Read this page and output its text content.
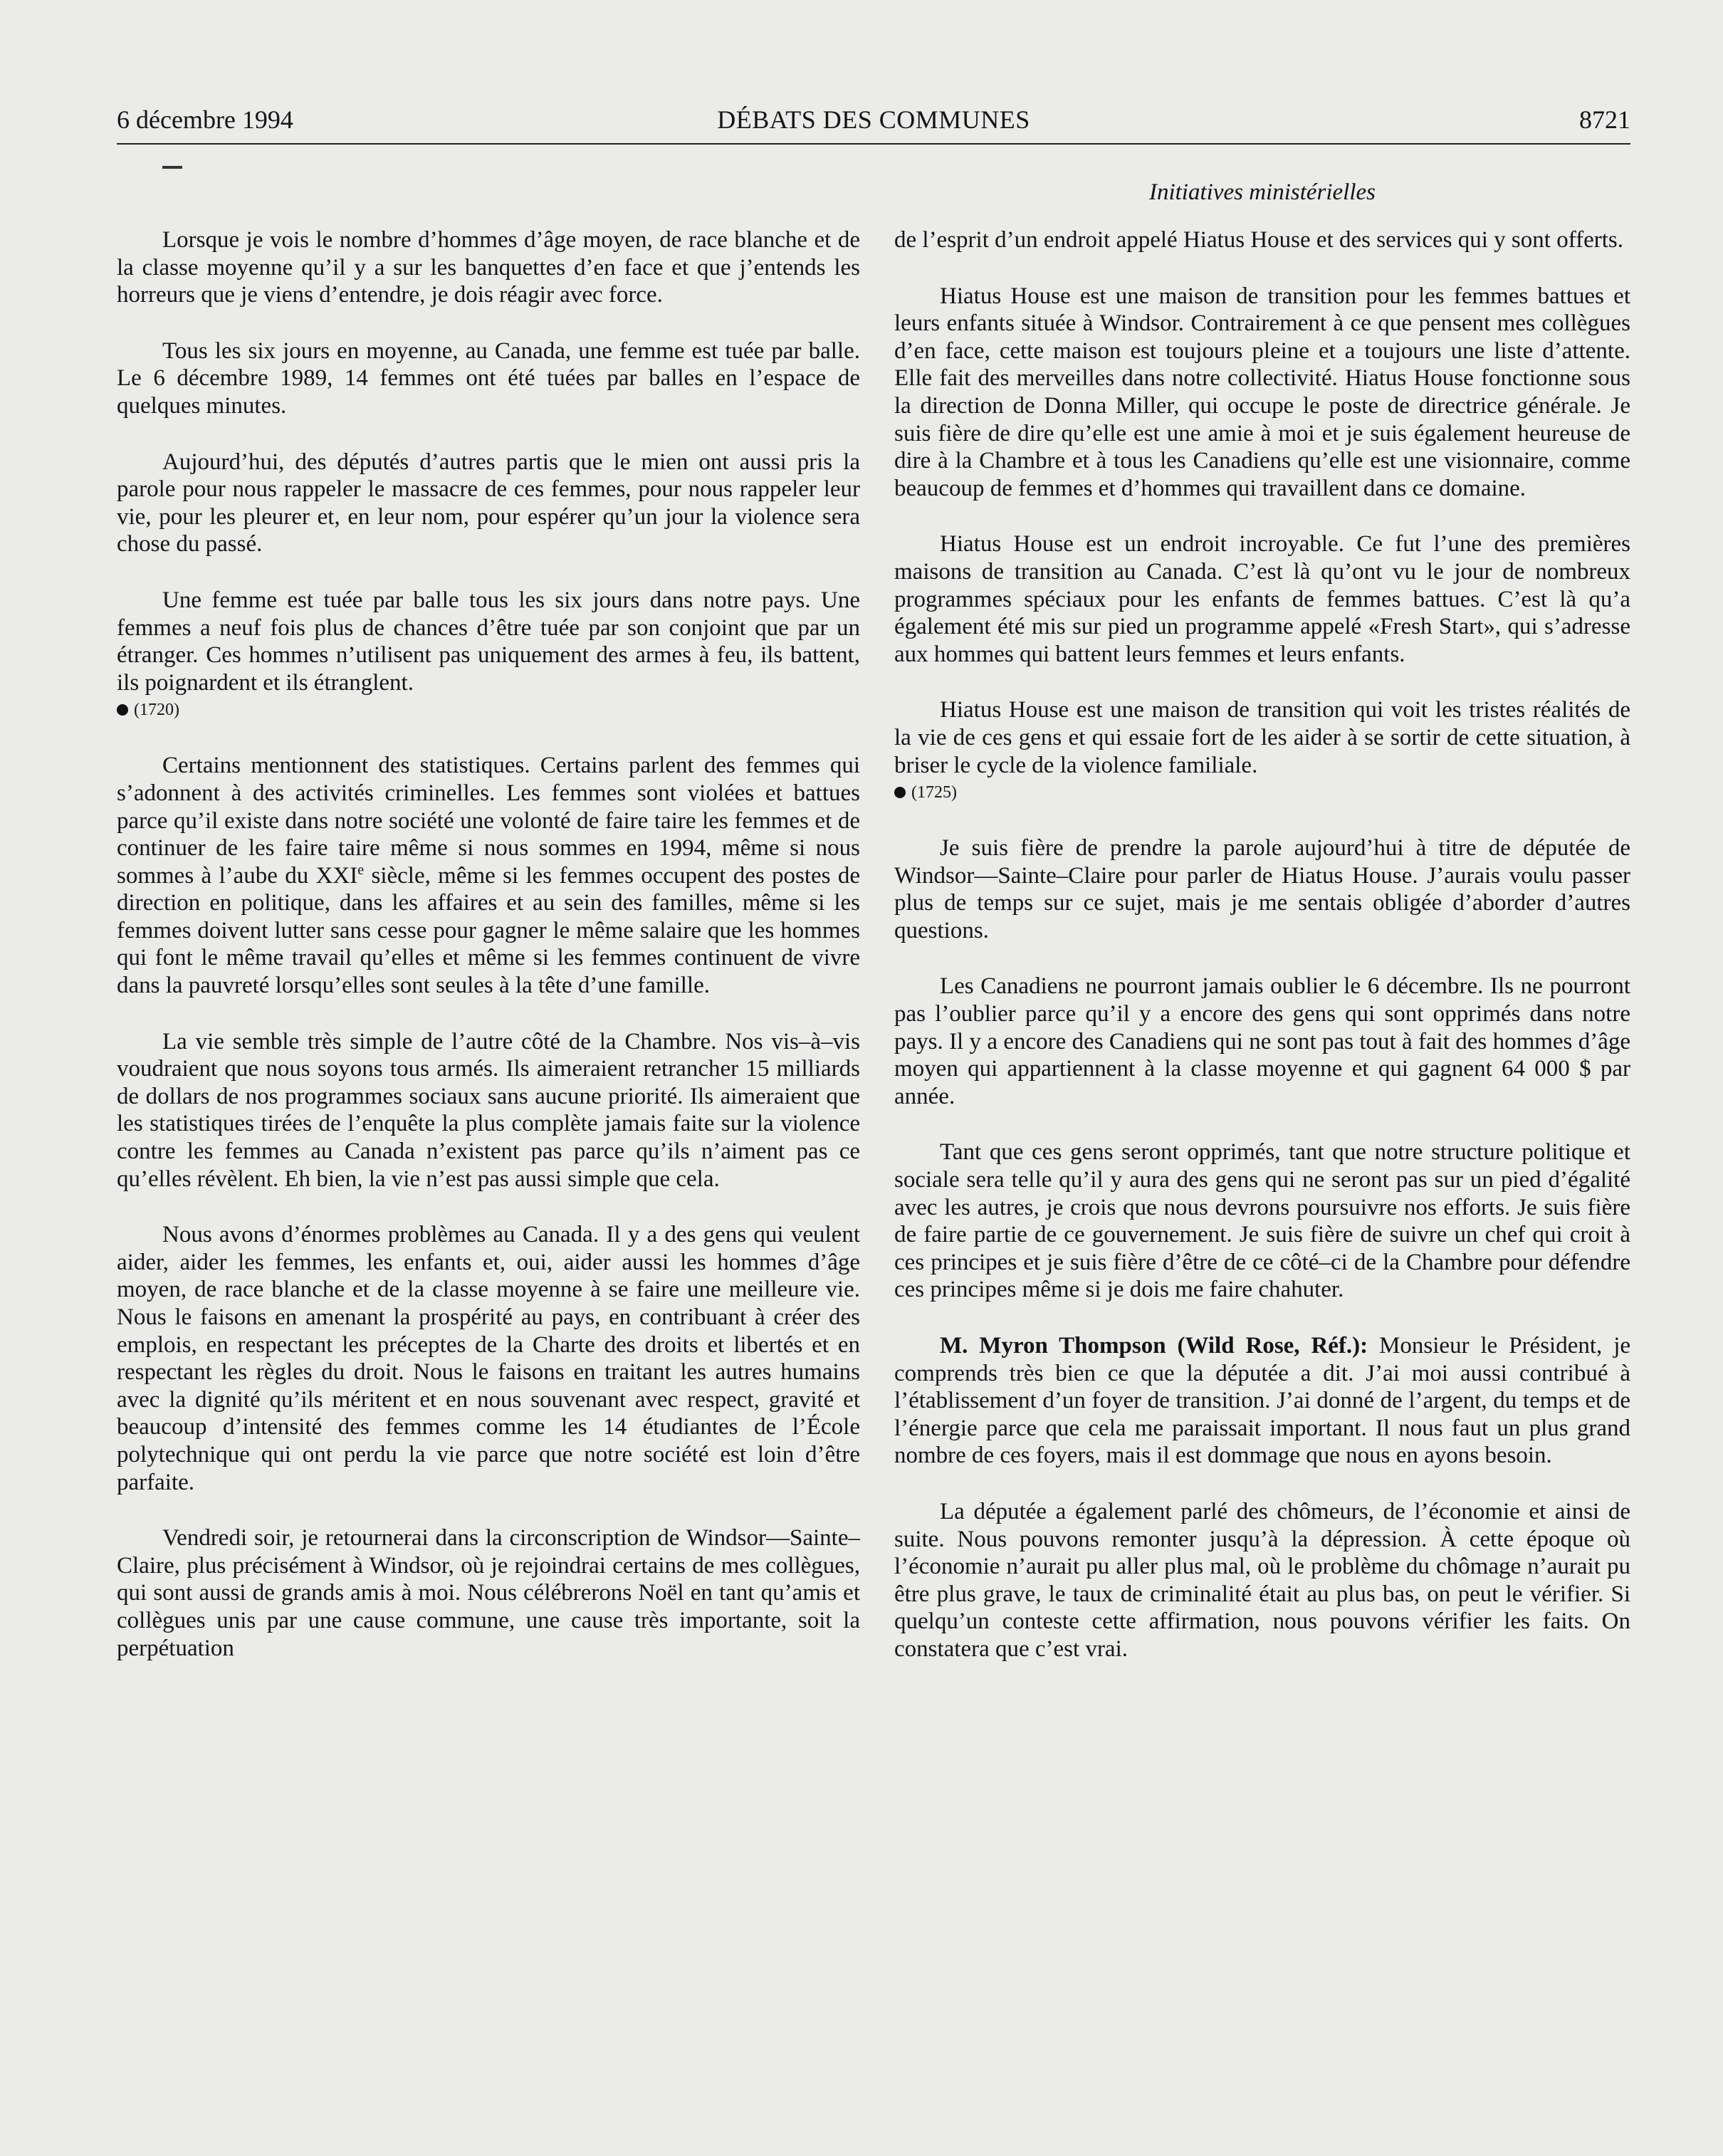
DÉBATS DES COMMUNES
6 décembre 1994	8721
Initiatives ministérielles

Lorsque je vois le nombre d’hommes d’âge moyen, de race blanche et de la classe moyenne qu’il y a sur les banquettes d’en face et que j’entends les horreurs que je viens d’entendre, je dois réagir avec force.

Tous les six jours en moyenne, au Canada, une femme est tuée par balle. Le 6 décembre 1989, 14 femmes ont été tuées par balles en l’espace de quelques minutes.

Aujourd’hui, des députés d’autres partis que le mien ont aussi pris la parole pour nous rappeler le massacre de ces femmes, pour nous rappeler leur vie, pour les pleurer et, en leur nom, pour espérer qu’un jour la violence sera chose du passé.

Une femme est tuée par balle tous les six jours dans notre pays. Une femmes a neuf fois plus de chances d’être tuée par son conjoint que par un étranger. Ces hommes n’utilisent pas uniquement des armes à feu, ils battent, ils poignardent et ils étranglent.

(1720)

Certains mentionnent des statistiques. Certains parlent des femmes qui s’adonnent à des activités criminelles. Les femmes sont violées et battues parce qu’il existe dans notre société une volonté de faire taire les femmes et de continuer de les faire taire même si nous sommes en 1994, même si nous sommes à l’aube du XXIe siècle, même si les femmes occupent des postes de direction en politique, dans les affaires et au sein des familles, même si les femmes doivent lutter sans cesse pour gagner le même salaire que les hommes qui font le même travail qu’elles et même si les femmes continuent de vivre dans la pauvreté lorsqu’elles sont seules à la tête d’une famille.

La vie semble très simple de l’autre côté de la Chambre. Nos vis–à–vis voudraient que nous soyons tous armés. Ils aimeraient retrancher 15 milliards de dollars de nos programmes sociaux sans aucune priorité. Ils aimeraient que les statistiques tirées de l’enquête la plus complète jamais faite sur la violence contre les femmes au Canada n’existent pas parce qu’ils n’aiment pas ce qu’elles révèlent. Eh bien, la vie n’est pas aussi simple que cela.

Nous avons d’énormes problèmes au Canada. Il y a des gens qui veulent aider, aider les femmes, les enfants et, oui, aider aussi les hommes d’âge moyen, de race blanche et de la classe moyenne à se faire une meilleure vie. Nous le faisons en amenant la prospérité au pays, en contribuant à créer des emplois, en respectant les préceptes de la Charte des droits et libertés et en respectant les règles du droit. Nous le faisons en traitant les autres humains avec la dignité qu’ils méritent et en nous souvenant avec respect, gravité et beaucoup d’intensité des femmes comme les 14 étudiantes de l’École polytechnique qui ont perdu la vie parce que notre société est loin d’être parfaite.

Vendredi soir, je retournerai dans la circonscription de Windsor—Sainte–Claire, plus précisément à Windsor, où je rejoindrai certains de mes collègues, qui sont aussi de grands amis à moi. Nous célébrerons Noël en tant qu’amis et collègues unis par une cause commune, une cause très importante, soit la perpétuation

de l’esprit d’un endroit appelé Hiatus House et des services qui y sont offerts.

Hiatus House est une maison de transition pour les femmes battues et leurs enfants située à Windsor. Contrairement à ce que pensent mes collègues d’en face, cette maison est toujours pleine et a toujours une liste d’attente. Elle fait des merveilles dans notre collectivité. Hiatus House fonctionne sous la direction de Donna Miller, qui occupe le poste de directrice générale. Je suis fière de dire qu’elle est une amie à moi et je suis également heureuse de dire à la Chambre et à tous les Canadiens qu’elle est une visionnaire, comme beaucoup de femmes et d’hommes qui travaillent dans ce domaine.

Hiatus House est un endroit incroyable. Ce fut l’une des premières maisons de transition au Canada. C’est là qu’ont vu le jour de nombreux programmes spéciaux pour les enfants de femmes battues. C’est là qu’a également été mis sur pied un programme appelé «Fresh Start», qui s’adresse aux hommes qui battent leurs femmes et leurs enfants.

Hiatus House est une maison de transition qui voit les tristes réalités de la vie de ces gens et qui essaie fort de les aider à se sortir de cette situation, à briser le cycle de la violence familiale.

(1725)

Je suis fière de prendre la parole aujourd’hui à titre de députée de Windsor—Sainte–Claire pour parler de Hiatus House. J’aurais voulu passer plus de temps sur ce sujet, mais je me sentais obligée d’aborder d’autres questions.

Les Canadiens ne pourront jamais oublier le 6 décembre. Ils ne pourront pas l’oublier parce qu’il y a encore des gens qui sont opprimés dans notre pays. Il y a encore des Canadiens qui ne sont pas tout à fait des hommes d’âge moyen qui appartiennent à la classe moyenne et qui gagnent 64 000 $ par année.

Tant que ces gens seront opprimés, tant que notre structure politique et sociale sera telle qu’il y aura des gens qui ne seront pas sur un pied d’égalité avec les autres, je crois que nous devrons poursuivre nos efforts. Je suis fière de faire partie de ce gouvernement. Je suis fière de suivre un chef qui croit à ces principes et je suis fière d’être de ce côté–ci de la Chambre pour défendre ces principes même si je dois me faire chahuter.

M. Myron Thompson (Wild Rose, Réf.): Monsieur le Président, je comprends très bien ce que la députée a dit. J’ai moi aussi contribué à l’établissement d’un foyer de transition. J’ai donné de l’argent, du temps et de l’énergie parce que cela me paraissait important. Il nous faut un plus grand nombre de ces foyers, mais il est dommage que nous en ayons besoin.

La députée a également parlé des chômeurs, de l’économie et ainsi de suite. Nous pouvons remonter jusqu’à la dépression. À cette époque où l’économie n’aurait pu aller plus mal, où le problème du chômage n’aurait pu être plus grave, le taux de criminalité était au plus bas, on peut le vérifier. Si quelqu’un conteste cette affirmation, nous pouvons vérifier les faits. On constatera que c’est vrai.
